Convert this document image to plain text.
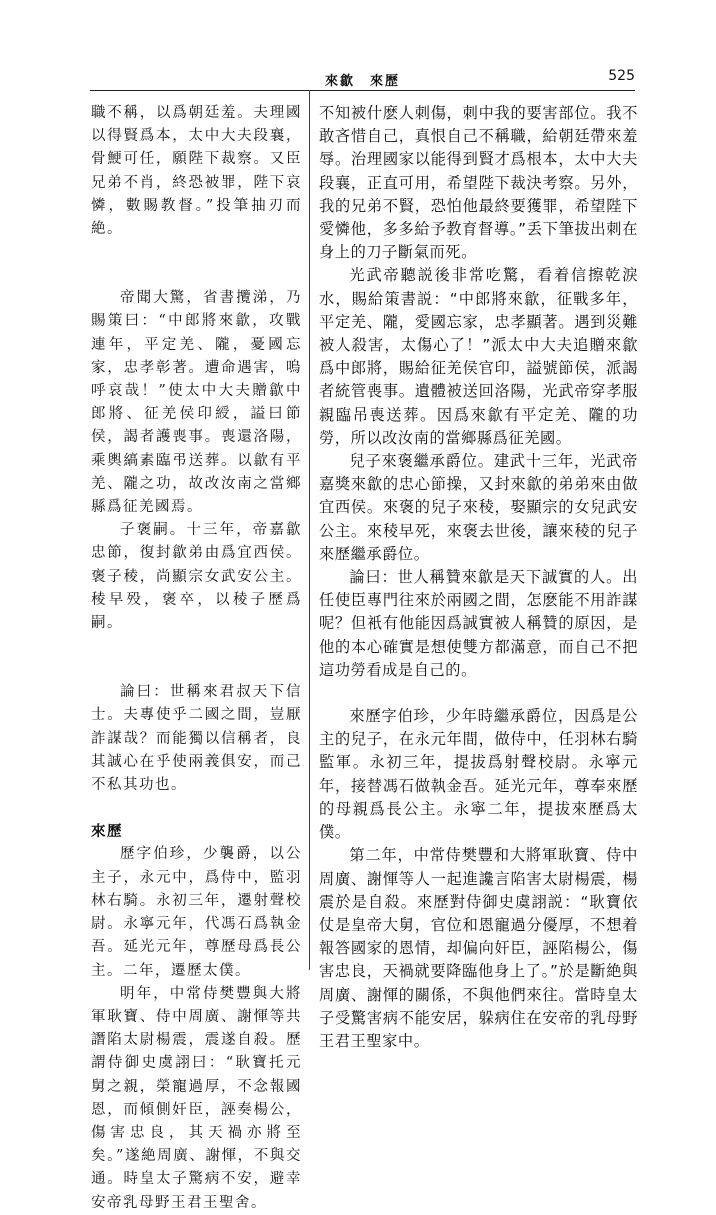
來歙　來歷	525

職不稱，以爲朝廷羞。夫理國以得賢爲本，太中大夫段襄，骨鯁可任，願陛下裁察。又臣兄弟不肖，終恐被罪，陛下哀憐，數賜教督。”投筆抽刃而絶。

帝聞大驚，省書攬涕，乃賜策曰：“中郎將來歙，攻戰連年，平定羌、隴，憂國忘家，忠孝彰著。遭命遇害，嗚呼哀哉！”使太中大夫贈歙中郎將、征羌侯印綬，謚曰節侯，謁者護喪事。喪還洛陽，乘輿縞素臨弔送葬。以歙有平羌、隴之功，故改汝南之當鄉縣爲征羌國焉。

子褒嗣。十三年，帝嘉歙忠節，復封歙弟由爲宜西侯。褒子稜，尚顯宗女武安公主。稜早殁，褒卒，以稜子歷爲嗣。

論曰：世稱來君叔天下信士。夫專使乎二國之間，豈厭詐謀哉？而能獨以信稱者，良其誠心在乎使兩義俱安，而己不私其功也。

來歷

歷字伯珍，少襲爵，以公主子，永元中，爲侍中，監羽林右騎。永初三年，遷射聲校尉。永寧元年，代馮石爲執金吾。延光元年，尊歷母爲長公主。二年，遷歷太僕。

明年，中常侍樊豐與大將軍耿寶、侍中周廣、謝惲等共譖陷太尉楊震，震遂自殺。歷謂侍御史虞詡曰：“耿寶托元舅之親，榮寵過厚，不念報國恩，而傾側奸臣，誣奏楊公，傷害忠良，其天禍亦將至矣。”遂絶周廣、謝惲，不與交通。時皇太子驚病不安，避幸安帝乳母野王君王聖舍。

不知被什麽人刺傷，刺中我的要害部位。我不敢吝惜自己，真恨自己不稱職，給朝廷帶來羞辱。治理國家以能得到賢才爲根本，太中大夫段襄，正直可用，希望陛下裁決考察。另外，我的兄弟不賢，恐怕他最終要獲罪，希望陛下愛憐他，多多給予教育督導。”丢下筆拔出刺在身上的刀子斷氣而死。

光武帝聽説後非常吃驚，看着信擦乾淚水，賜給策書説：“中郎將來歙，征戰多年，平定羌、隴，愛國忘家，忠孝顯著。遇到災難被人殺害，太傷心了！”派太中大夫追贈來歙爲中郎將，賜給征羌侯官印，謚號節侯，派謁者統管喪事。遺體被送回洛陽，光武帝穿孝服親臨吊喪送葬。因爲來歙有平定羌、隴的功勞，所以改汝南的當鄉縣爲征羌國。

兒子來褒繼承爵位。建武十三年，光武帝嘉獎來歙的忠心節操，又封來歙的弟弟來由做宜西侯。來褒的兒子來稜，娶顯宗的女兒武安公主。來稜早死，來褒去世後，讓來稜的兒子來歷繼承爵位。

論曰：世人稱贊來歙是天下誠實的人。出任使臣專門往來於兩國之間，怎麽能不用詐謀呢？但衹有他能因爲誠實被人稱贊的原因，是他的本心確實是想使雙方都滿意，而自己不把這功勞看成是自己的。

來歷字伯珍，少年時繼承爵位，因爲是公主的兒子，在永元年間，做侍中，任羽林右騎監軍。永初三年，提拔爲射聲校尉。永寧元年，接替馮石做執金吾。延光元年，尊奉來歷的母親爲長公主。永寧二年，提拔來歷爲太僕。

第二年，中常侍樊豐和大將軍耿寶、侍中周廣、謝惲等人一起進讒言陷害太尉楊震，楊震於是自殺。來歷對侍御史虞詡説：“耿寶依仗是皇帝大舅，官位和恩寵過分優厚，不想着報答國家的恩情，却偏向奸臣，誣陷楊公，傷害忠良，天禍就要降臨他身上了。”於是斷絶與周廣、謝惲的關係，不與他們來往。當時皇太子受驚害病不能安居，躲病住在安帝的乳母野王君王聖家中。
